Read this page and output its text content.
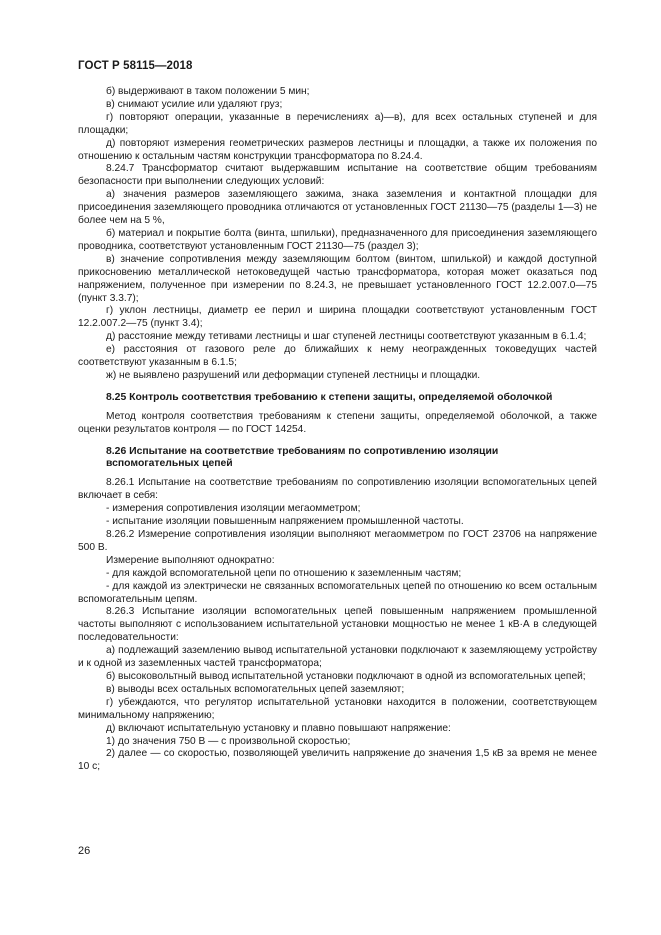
ГОСТ Р 58115—2018

б) выдерживают в таком положении 5 мин;

в) снимают усилие или удаляют груз;

г) повторяют операции, указанные в перечислениях а)—в), для всех остальных ступеней и для площадки;

д) повторяют измерения геометрических размеров лестницы и площадки, а также их положения по отношению к остальным частям конструкции трансформатора по 8.24.4.

8.24.7 Трансформатор считают выдержавшим испытание на соответствие общим требованиям безопасности при выполнении следующих условий:

а) значения размеров заземляющего зажима, знака заземления и контактной площадки для присоединения заземляющего проводника отличаются от установленных ГОСТ 21130—75 (разделы 1—3) не более чем на 5 %,

б) материал и покрытие болта (винта, шпильки), предназначенного для присоединения заземляющего проводника, соответствуют установленным ГОСТ 21130—75 (раздел 3);

в) значение сопротивления между заземляющим болтом (винтом, шпилькой) и каждой доступной прикосновению металлической нетоковедущей частью трансформатора, которая может оказаться под напряжением, полученное при измерении по 8.24.3, не превышает установленного ГОСТ 12.2.007.0—75 (пункт 3.3.7);

г) уклон лестницы, диаметр ее перил и ширина площадки соответствуют установленным ГОСТ 12.2.007.2—75 (пункт 3.4);

д) расстояние между тетивами лестницы и шаг ступеней лестницы соответствуют указанным в 6.1.4;

е) расстояния от газового реле до ближайших к нему неогражденных токоведущих частей соответствуют указанным в 6.1.5;

ж) не выявлено разрушений или деформации ступеней лестницы и площадки.

8.25 Контроль соответствия требованию к степени защиты, определяемой оболочкой

Метод контроля соответствия требованиям к степени защиты, определяемой оболочкой, а также оценки результатов контроля — по ГОСТ 14254.

8.26 Испытание на соответствие требованиям по сопротивлению изоляции
вспомогательных цепей

8.26.1 Испытание на соответствие требованиям по сопротивлению изоляции вспомогательных цепей включает в себя:

- измерения сопротивления изоляции мегаомметром;

- испытание изоляции повышенным напряжением промышленной частоты.

8.26.2 Измерение сопротивления изоляции выполняют мегаомметром по ГОСТ 23706 на напряжение 500 В.

Измерение выполняют однократно:

- для каждой вспомогательной цепи по отношению к заземленным частям;

- для каждой из электрически не связанных вспомогательных цепей по отношению ко всем остальным вспомогательным цепям.

8.26.3 Испытание изоляции вспомогательных цепей повышенным напряжением промышленной частоты выполняют с использованием испытательной установки мощностью не менее 1 кВ·А в следующей последовательности:

а) подлежащий заземлению вывод испытательной установки подключают к заземляющему устройству и к одной из заземленных частей трансформатора;

б) высоковольтный вывод испытательной установки подключают в одной из вспомогательных цепей;

в) выводы всех остальных вспомогательных цепей заземляют;

г) убеждаются, что регулятор испытательной установки находится в положении, соответствующем минимальному напряжению;

д) включают испытательную установку и плавно повышают напряжение:

1) до значения 750 В — с произвольной скоростью;

2) далее — со скоростью, позволяющей увеличить напряжение до значения 1,5 кВ за время не менее 10 с;

26
